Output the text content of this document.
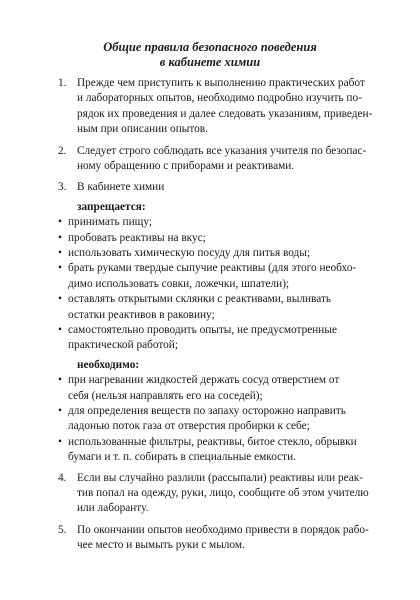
Общие правила безопасного поведения
в кабинете химии
1. Прежде чем приступить к выполнению практических работ
и лабораторных опытов, необходимо подробно изучить по-
рядок их проведения и далее следовать указаниям, приведен-
ным при описании опытов.
2. Следует строго соблюдать все указания учителя по безопас-
ному обращению с приборами и реактивами.
3. В кабинете химии
запрещается:
• принимать пищу;
• пробовать реактивы на вкус;
• использовать химическую посуду для питья воды;
• брать руками твердые сыпучие реактивы (для этого необхо-
димо использовать совки, ложечки, шпатели);
• оставлять открытыми склянки с реактивами, выливать
остатки реактивов в раковину;
• самостоятельно проводить опыты, не предусмотренные
практической работой;
необходимо:
• при нагревании жидкостей держать сосуд отверстием от
себя (нельзя направлять его на соседей);
• для определения веществ по запаху осторожно направить
ладонью поток газа от отверстия пробирки к себе;
• использованные фильтры, реактивы, битое стекло, обрывки
бумаги и т. п. собирать в специальные емкости.
4. Если вы случайно разлили (рассыпали) реактивы или реак-
тив попал на одежду, руки, лицо, сообщите об этом учителю
или лаборанту.
5. По окончании опытов необходимо привести в порядок рабо-
чее место и вымыть руки с мылом.
